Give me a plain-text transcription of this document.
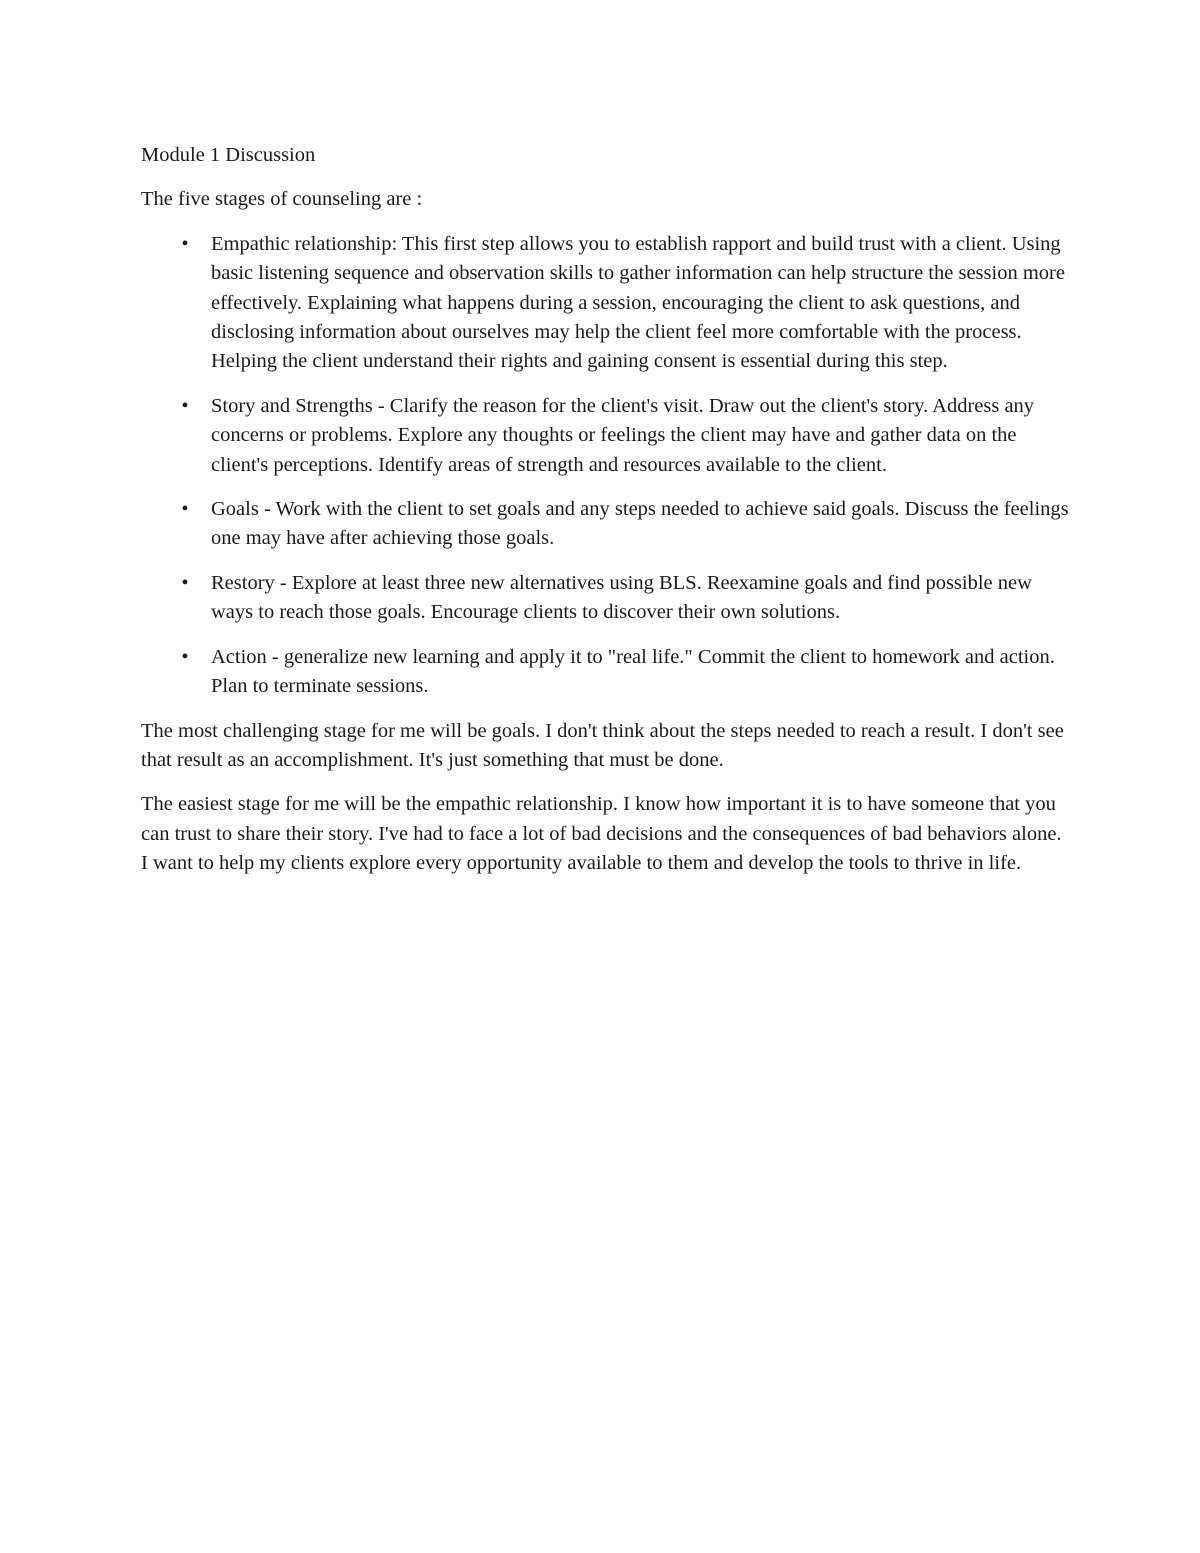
Module 1 Discussion

The five stages of counseling are :

•	Empathic relationship: This first step allows you to establish rapport and build trust with a client. Using basic listening sequence and observation skills to gather information can help structure the session more effectively. Explaining what happens during a session, encouraging the client to ask questions, and disclosing information about ourselves may help the client feel more comfortable with the process. Helping the client understand their rights and gaining consent is essential during this step.
•	Story and Strengths - Clarify the reason for the client's visit. Draw out the client's story. Address any concerns or problems. Explore any thoughts or feelings the client may have and gather data on the client's perceptions. Identify areas of strength and resources available to the client.
•	Goals - Work with the client to set goals and any steps needed to achieve said goals. Discuss the feelings one may have after achieving those goals.
•	Restory - Explore at least three new alternatives using BLS. Reexamine goals and find possible new ways to reach those goals. Encourage clients to discover their own solutions.
•	Action - generalize new learning and apply it to "real life." Commit the client to homework and action. Plan to terminate sessions.

The most challenging stage for me will be goals. I don't think about the steps needed to reach a result. I don't see that result as an accomplishment. It's just something that must be done.

The easiest stage for me will be the empathic relationship. I know how important it is to have someone that you can trust to share their story. I've had to face a lot of bad decisions and the consequences of bad behaviors alone. I want to help my clients explore every opportunity available to them and develop the tools to thrive in life.
